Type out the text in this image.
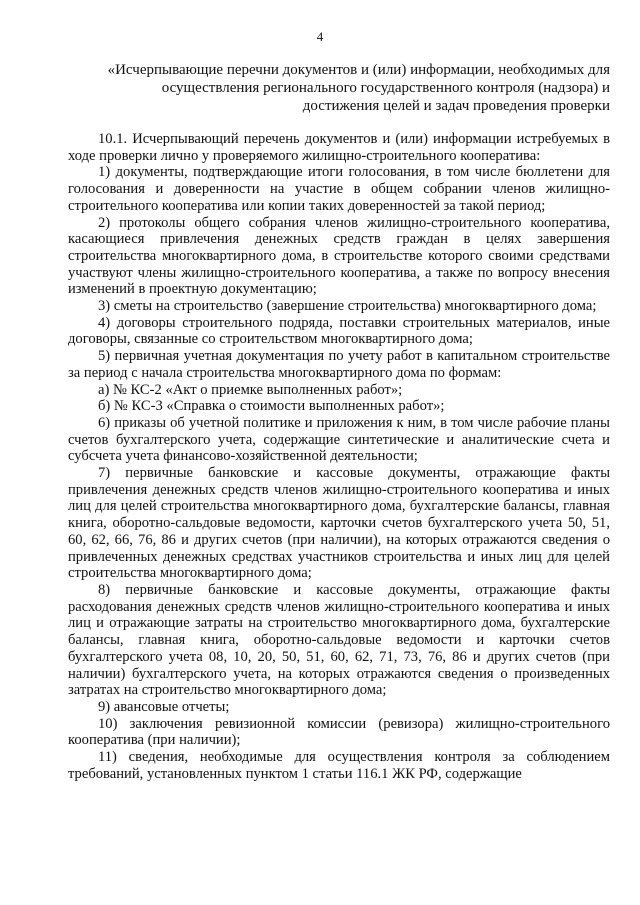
4
«Исчерпывающие перечни документов и (или) информации, необходимых для осуществления регионального государственного контроля (надзора) и достижения целей и задач проведения проверки

10.1. Исчерпывающий перечень документов и (или) информации истребуемых в ходе проверки лично у проверяемого жилищно-строительного кооператива:

1) документы, подтверждающие итоги голосования, в том числе бюллетени для голосования и доверенности на участие в общем собрании членов жилищно-строительного кооператива или копии таких доверенностей за такой период;

2) протоколы общего собрания членов жилищно-строительного кооператива, касающиеся привлечения денежных средств граждан в целях завершения строительства многоквартирного дома, в строительстве которого своими средствами участвуют члены жилищно-строительного кооператива, а также по вопросу внесения изменений в проектную документацию;

3) сметы на строительство (завершение строительства) многоквартирного дома;

4) договоры строительного подряда, поставки строительных материалов, иные договоры, связанные со строительством многоквартирного дома;

5) первичная учетная документация по учету работ в капитальном строительстве за период с начала строительства многоквартирного дома по формам:

а) № КС-2 «Акт о приемке выполненных работ»;

б) № КС-3 «Справка о стоимости выполненных работ»;

6) приказы об учетной политике и приложения к ним, в том числе рабочие планы счетов бухгалтерского учета, содержащие синтетические и аналитические счета и субсчета учета финансово-хозяйственной деятельности;

7) первичные банковские и кассовые документы, отражающие факты привлечения денежных средств членов жилищно-строительного кооператива и иных лиц для целей строительства многоквартирного дома, бухгалтерские балансы, главная книга, оборотно-сальдовые ведомости, карточки счетов бухгалтерского учета 50, 51, 60, 62, 66, 76, 86 и других счетов (при наличии), на которых отражаются сведения о привлеченных денежных средствах участников строительства и иных лиц для целей строительства многоквартирного дома;

8) первичные банковские и кассовые документы, отражающие факты расходования денежных средств членов жилищно-строительного кооператива и иных лиц и отражающие затраты на строительство многоквартирного дома, бухгалтерские балансы, главная книга, оборотно-сальдовые ведомости и карточки счетов бухгалтерского учета 08, 10, 20, 50, 51, 60, 62, 71, 73, 76, 86 и других счетов (при наличии) бухгалтерского учета, на которых отражаются сведения о произведенных затратах на строительство многоквартирного дома;

9) авансовые отчеты;

10) заключения ревизионной комиссии (ревизора) жилищно-строительного кооператива (при наличии);

11) сведения, необходимые для осуществления контроля за соблюдением требований, установленных пунктом 1 статьи 116.1 ЖК РФ, содержащие
